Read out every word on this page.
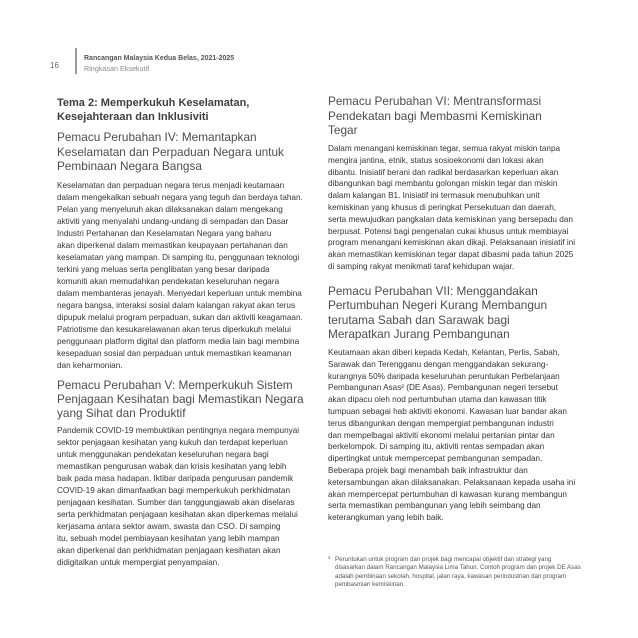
16
Rancangan Malaysia Kedua Belas, 2021-2025
Ringkasan Eksekutif
Tema 2: Memperkukuh Keselamatan,
Kesejahteraan dan Inklusiviti
Pemacu Perubahan IV: Memantapkan
Keselamatan dan Perpaduan Negara untuk
Pembinaan Negara Bangsa
Keselamatan dan perpaduan negara terus menjadi keutamaan
dalam mengekalkan sebuah negara yang teguh dan berdaya tahan.
Pelan yang menyeluruh akan dilaksanakan dalam mengekang
aktiviti yang menyalahi undang-undang di sempadan dan Dasar
Industri Pertahanan dan Keselamatan Negara yang baharu
akan diperkenal dalam memastikan keupayaan pertahanan dan
keselamatan yang mampan. Di samping itu, penggunaan teknologi
terkini yang meluas serta penglibatan yang besar daripada
komuniti akan memudahkan pendekatan keseluruhan negara
dalam membanteras jenayah. Menyedari keperluan untuk membina
negara bangsa, interaksi sosial dalam kalangan rakyat akan terus
dipupuk melalui program perpaduan, sukan dan aktiviti keagamaan.
Patriotisme dan kesukarelawanan akan terus diperkukuh melalui
penggunaan platform digital dan platform media lain bagi membina
kesepaduan sosial dan perpaduan untuk memastikan keamanan
dan keharmonian.
Pemacu Perubahan V: Memperkukuh Sistem
Penjagaan Kesihatan bagi Memastikan Negara
yang Sihat dan Produktif
Pandemik COVID-19 membuktikan pentingnya negara mempunyai
sektor penjagaan kesihatan yang kukuh dan terdapat keperluan
untuk menggunakan pendekatan keseluruhan negara bagi
memastikan pengurusan wabak dan krisis kesihatan yang lebih
baik pada masa hadapan. Iktibar daripada pengurusan pandemik
COVID-19 akan dimanfaatkan bagi memperkukuh perkhidmatan
penjagaan kesihatan. Sumber dan tanggungjawab akan diselaras
serta perkhidmatan penjagaan kesihatan akan diperkemas melalui
kerjasama antara sektor awam, swasta dan CSO. Di samping
itu, sebuah model pembiayaan kesihatan yang lebih mampan
akan diperkenal dan perkhidmatan penjagaan kesihatan akan
didigitalkan untuk mempergiat penyampaian.
Pemacu Perubahan VI: Mentransformasi
Pendekatan bagi Membasmi Kemiskinan
Tegar
Dalam menangani kemiskinan tegar, semua rakyat miskin tanpa
mengira jantina, etnik, status sosioekonomi dan lokasi akan
dibantu. Inisiatif berani dan radikal berdasarkan keperluan akan
dibangunkan bagi membantu golongan miskin tegar dan miskin
dalam kalangan B1. Inisiatif ini termasuk menubuhkan unit
kemiskinan yang khusus di peringkat Persekutuan dan daerah,
serta mewujudkan pangkalan data kemiskinan yang bersepadu dan
berpusat. Potensi bagi pengenalan cukai khusus untuk membiayai
program menangani kemiskinan akan dikaji. Pelaksanaan inisiatif ini
akan memastikan kemiskinan tegar dapat dibasmi pada tahun 2025
di samping rakyat menikmati taraf kehidupan wajar.
Pemacu Perubahan VII: Menggandakan
Pertumbuhan Negeri Kurang Membangun
terutama Sabah dan Sarawak bagi
Merapatkan Jurang Pembangunan
Keutamaan akan diberi kepada Kedah, Kelantan, Perlis, Sabah,
Sarawak dan Terengganu dengan menggandakan sekurang-
kurangnya 50% daripada keseluruhan peruntukan Perbelanjaan
Pembangunan Asas² (DE Asas). Pembangunan negeri tersebut
akan dipacu oleh nod pertumbuhan utama dan kawasan titik
tumpuan sebagai hab aktiviti ekonomi. Kawasan luar bandar akan
terus dibangunkan dengan mempergiat pembangunan industri
dan mempelbagai aktiviti ekonomi melalui pertanian pintar dan
berkelompok. Di samping itu, aktiviti rentas sempadan akan
dipertingkat untuk mempercepat pembangunan sempadan.
Beberapa projek bagi menambah baik infrastruktur dan
ketersambungan akan dilaksanakan. Pelaksanaan kepada usaha ini
akan mempercepat pertumbuhan di kawasan kurang membangun
serta memastikan pembangunan yang lebih seimbang dan
keterangkuman yang lebih baik.
2 Peruntukan untuk program dan projek bagi mencapai objektif dan strategi yang
disasarkan dalam Rancangan Malaysia Lima Tahun. Contoh program dan projek DE Asas
adalah pembinaan sekolah, hospital, jalan raya, kawasan perindustrian dan program
pembasmian kemiskinan.
